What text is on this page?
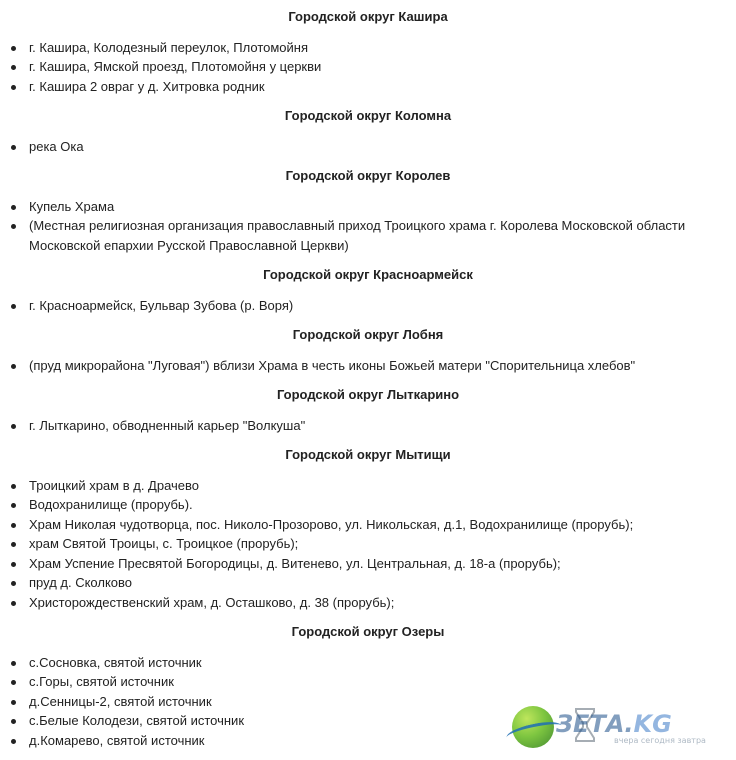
Городской округ Кашира
г. Кашира, Колодезный переулок, Плотомойня
г. Кашира, Ямской проезд, Плотомойня у церкви
г. Кашира 2 овраг у д. Хитровка родник
Городской округ Коломна
река Ока
Городской округ Королев
Купель Храма
(Местная религиозная организация православный приход Троицкого храма г. Королева Московской области Московской епархии Русской Православной Церкви)
Городской округ Красноармейск
г. Красноармейск, Бульвар Зубова (р. Воря)
Городской округ Лобня
(пруд микрорайона "Луговая") вблизи Храма в честь иконы Божьей матери "Спорительница хлебов"
Городской округ Лыткарино
г. Лыткарино, обводненный карьер "Волкуша"
Городской округ Мытищи
Троицкий храм в д. Драчево
Водохранилище (прорубь).
Храм Николая чудотворца, пос. Николо-Прозорово, ул. Никольская, д.1, Водохранилище (прорубь);
храм Святой Троицы, с. Троицкое (прорубь);
Храм Успение Пресвятой Богородицы, д. Витенево, ул. Центральная, д. 18-а (прорубь);
пруд д. Сколково
Христорождественский храм, д. Осташково, д. 38 (прорубь);
Городской округ Озеры
с.Сосновка, святой источник
с.Горы, святой источник
д.Сенницы-2, святой источник
с.Белые Колодези, святой источник
д.Комарево, святой источник
ЗЕТА.KG
вчера сегодня завтра
